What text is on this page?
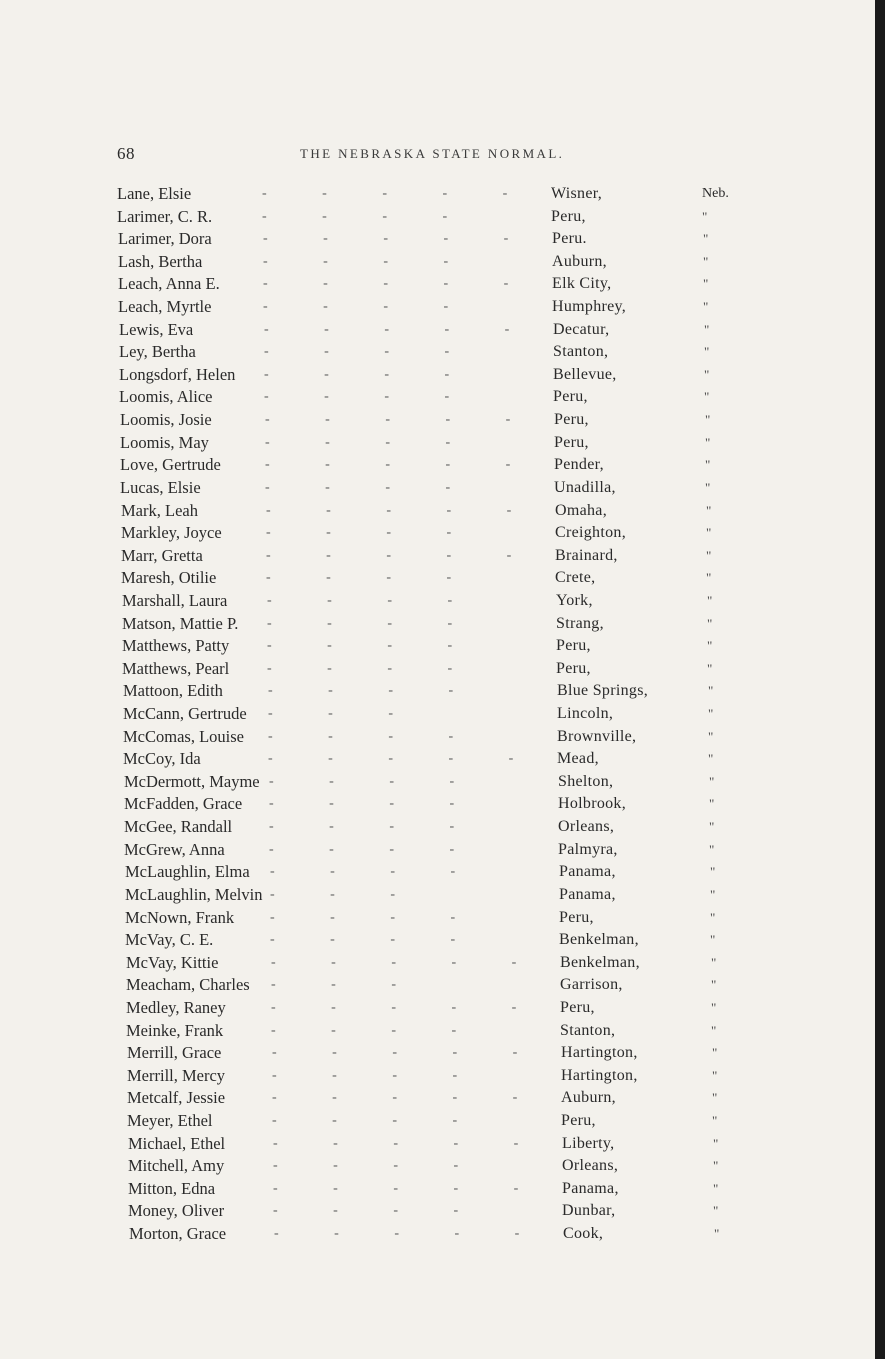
68	THE NEBRASKA STATE NORMAL.
Lane, Elsie	- - - - - Wisner,	Neb.
Larimer, C. R.	- - - -	Peru,	"
Larimer, Dora	- - - - - Peru.	"
Lash, Bertha	- - - -	Auburn,	"
Leach, Anna E.	- - - - - Elk City,	"
Leach, Myrtle	- - - -	Humphrey,	"
Lewis, Eva	- - - - - Decatur,	"
Ley, Bertha	- - - -	Stanton,	"
Longsdorf, Helen - - - -	Bellevue,	"
Loomis, Alice	- - - -	Peru,	"
Loomis, Josie	- - - - - Peru,	"
Loomis, May	- - - -	Peru,	"
Love, Gertrude	- - - - - Pender,	"
Lucas, Elsie	- - - -	Unadilla,	"
Mark, Leah	- - - - - Omaha,	"
Markley, Joyce	- - - -	Creighton,	"
Marr, Gretta	- - - - - Brainard,	"
Maresh, Otilie	- - - -	Crete,	"
Marshall, Laura	- - - -	York,	"
Matson, Mattie P. - - - -	Strang,	"
Matthews, Patty	- - - -	Peru,	"
Matthews, Pearl	- - - -	Peru,	"
Mattoon, Edith	- - - -	Blue Springs,	"
McCann, Gertrude - - -	Lincoln,	"
McComas, Louise - - - -	Brownville,	"
McCoy, Ida	- - - - - Mead,	"
McDermott, Mayme - - - -	Shelton,	"
McFadden, Grace - - - -	Holbrook,	"
McGee, Randall	- - - -	Orleans,	"
McGrew, Anna	- - - -	Palmyra,	"
McLaughlin, Elma - - - -	Panama,	"
McLaughlin, Melvin - - -	Panama,	"
McNown, Frank	- - - -	Peru,	"
McVay, C. E.	- - - -	Benkelman,	"
McVay, Kittie	- - - - - Benkelman,	"
Meacham, Charles - - -	Garrison,	"
Medley, Raney	- - - - - Peru,	"
Meinke, Frank	- - - -	Stanton,	"
Merrill, Grace	- - - - - Hartington,	"
Merrill, Mercy	- - - -	Hartington,	"
Metcalf, Jessie	- - - - - Auburn,	"
Meyer, Ethel	- - - -	Peru,	"
Michael, Ethel	- - - - - Liberty,	"
Mitchell, Amy	- - - -	Orleans,	"
Mitton, Edna	- - - - - Panama,	"
Money, Oliver	- - - -	Dunbar,	"
Morton, Grace	- - - - - Cook,	"
